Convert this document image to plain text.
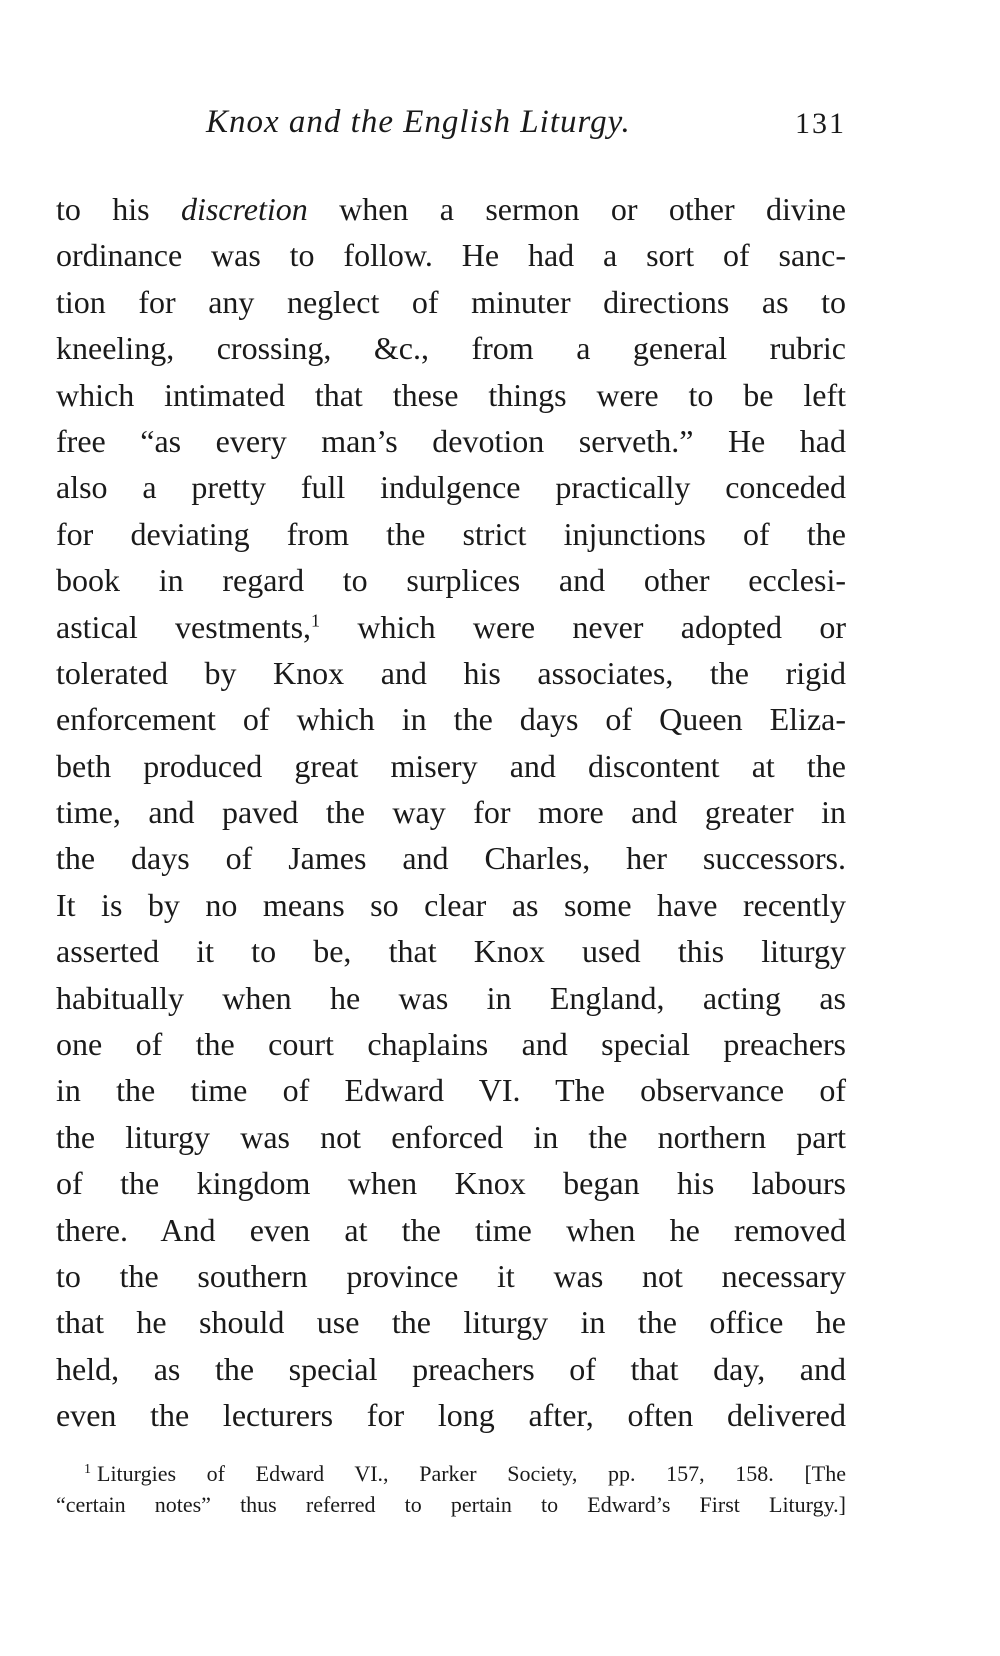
Knox and the English Liturgy.	131
to his discretion when a sermon or other divine
ordinance was to follow. He had a sort of sanc-
tion for any neglect of minuter directions as to
kneeling, crossing, &c., from a general rubric
which intimated that these things were to be left
free “as every man’s devotion serveth.” He had
also a pretty full indulgence practically conceded
for deviating from the strict injunctions of the
book in regard to surplices and other ecclesi-
astical vestments,$^1$ which were never adopted or
tolerated by Knox and his associates, the rigid
enforcement of which in the days of Queen Eliza-
beth produced great misery and discontent at the
time, and paved the way for more and greater in
the days of James and Charles, her successors.
It is by no means so clear as some have recently
asserted it to be, that Knox used this liturgy
habitually when he was in England, acting as
one of the court chaplains and special preachers
in the time of Edward VI. The observance of
the liturgy was not enforced in the northern part
of the kingdom when Knox began his labours
there. And even at the time when he removed
to the southern province it was not necessary
that he should use the liturgy in the office he
held, as the special preachers of that day, and
even the lecturers for long after, often delivered
$^1$ Liturgies of Edward VI., Parker Society, pp. 157, 158. [The
“certain notes” thus referred to pertain to Edward’s First Liturgy.]
